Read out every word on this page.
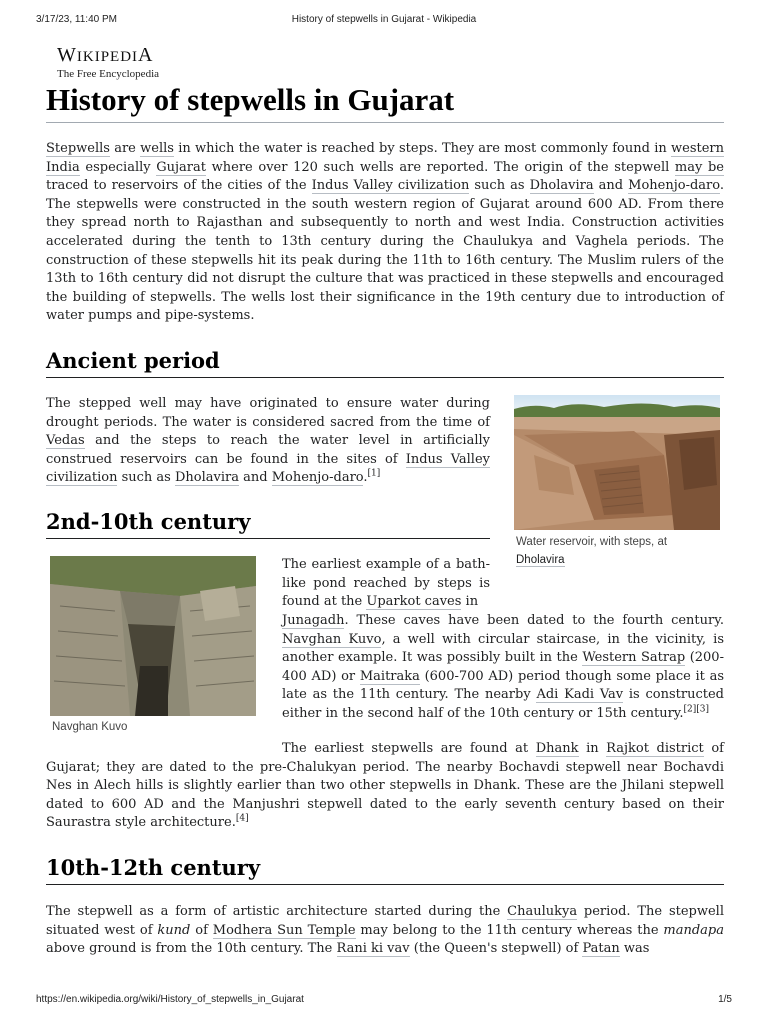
3/17/23, 11:40 PM	History of stepwells in Gujarat - Wikipedia
WIKIPEDIA
The Free Encyclopedia
History of stepwells in Gujarat

Stepwells are wells in which the water is reached by steps. They are most commonly found in western India especially Gujarat where over 120 such wells are reported. The origin of the stepwell may be traced to reservoirs of the cities of the Indus Valley civilization such as Dholavira and Mohenjo-daro. The stepwells were constructed in the south western region of Gujarat around 600 AD. From there they spread north to Rajasthan and subsequently to north and west India. Construction activities accelerated during the tenth to 13th century during the Chaulukya and Vaghela periods. The construction of these stepwells hit its peak during the 11th to 16th century. The Muslim rulers of the 13th to 16th century did not disrupt the culture that was practiced in these stepwells and encouraged the building of stepwells. The wells lost their significance in the 19th century due to introduction of water pumps and pipe-systems.

Ancient period

The stepped well may have originated to ensure water during drought periods. The water is considered sacred from the time of Vedas and the steps to reach the water level in artificially construed reservoirs can be found in the sites of Indus Valley civilization such as Dholavira and Mohenjo-daro.[1]

Water reservoir, with steps, at Dholavira
2nd-10th century
Navghan Kuvo

The earliest example of a bath-like pond reached by steps is found at the Uparkot caves in

Junagadh. These caves have been dated to the fourth century. Navghan Kuvo, a well with circular staircase, in the vicinity, is another example. It was possibly built in the Western Satrap (200-400 AD) or Maitraka (600-700 AD) period though some place it as late as the 11th century. The nearby Adi Kadi Vav is constructed either in the second half of the 10th century or 15th century.[2][3]

The earliest stepwells are found at Dhank in Rajkot district of Gujarat; they are dated to the pre-Chalukyan period. The nearby Bochavdi stepwell near Bochavdi Nes in Alech hills is slightly earlier than two other stepwells in Dhank. These are the Jhilani stepwell dated to 600 AD and the Manjushri stepwell dated to the early seventh century based on their Saurastra style architecture.[4]

10th-12th century

The stepwell as a form of artistic architecture started during the Chaulukya period. The stepwell situated west of kund of Modhera Sun Temple may belong to the 11th century whereas the mandapa above ground is from the 10th century. The Rani ki vav (the Queen's stepwell) of Patan was

https://en.wikipedia.org/wiki/History_of_stepwells_in_Gujarat	1/5
